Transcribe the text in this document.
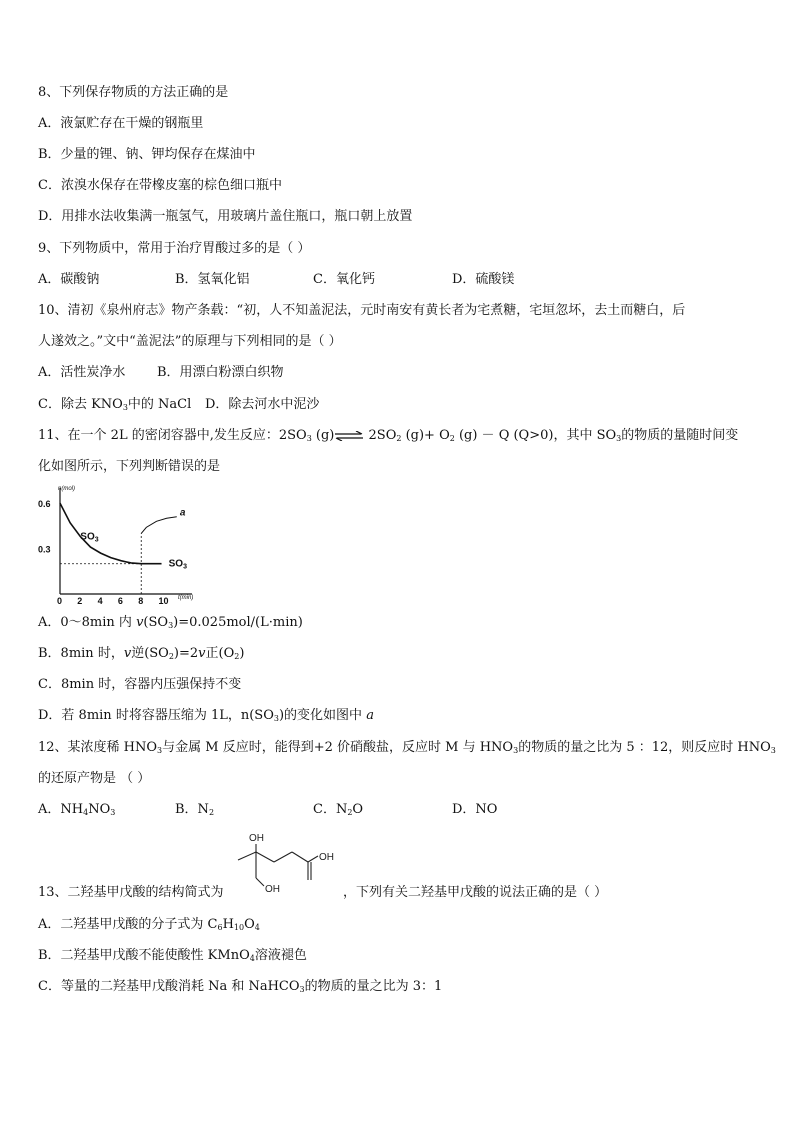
8、下列保存物质的方法正确的是
A．液氯贮存在干燥的钢瓶里
B．少量的锂、钠、钾均保存在煤油中
C．浓溴水保存在带橡皮塞的棕色细口瓶中
D．用排水法收集满一瓶氢气，用玻璃片盖住瓶口，瓶口朝上放置
9、下列物质中，常用于治疗胃酸过多的是（ ）
A．碳酸钠	B．氢氧化铝	C．氧化钙	D．硫酸镁
10、清初《泉州府志》物产条载：“初，人不知盖泥法，元时南安有黄长者为宅煮糖，宅垣忽坏，去土而糖白，后
人遂效之。”文中“盖泥法”的原理与下列相同的是（ ）
A．活性炭净水 B．用漂白粉漂白织物
C．除去 $KNO_3$中的 NaCl D．除去河水中泥沙
11、在一个 2L 的密闭容器中,发生反应：$2SO_3$ (g)⇌ $2SO_2$ $(g)+ O_2$ (g) － Q (Q>0)，其中 $SO_3$的物质的量随时间变
化如图所示，下列判断错误的是
n(mol)
t(min)
0 2 4 6 8 10
0.6
0.3
$SO_3$
$SO_3$
a
A．0～8min 内 $v(SO_3)=0.025mol/(L\cdot\min)$
B．8min 时，v逆$(SO_2)=2v$正$(O_2)$
C．8min 时，容器内压强保持不变
D．若 8min 时将容器压缩为 1L，$n(SO_3)$的变化如图中 a
12、某浓度稀 $HNO_3$与金属 M 反应时，能得到+2 价硝酸盐，反应时 M 与 $HNO_3$的物质的量之比为 5 ：12，则反应时 $HNO_3$
的还原产物是 （ ）
A．$NH_4NO_3$	B．$N_2$	C．$N_2O$	D．NO
13、二羟基甲戊酸的结构简式为
OH
OH
OH
，下列有关二羟基甲戊酸的说法正确的是（ ）
A．二羟基甲戊酸的分子式为 $C_6H_{10}O_4$
B．二羟基甲戊酸不能使酸性 KMnO$_4$溶液褪色
C．等量的二羟基甲戊酸消耗 Na 和 NaHCO$_3$的物质的量之比为 3：1
